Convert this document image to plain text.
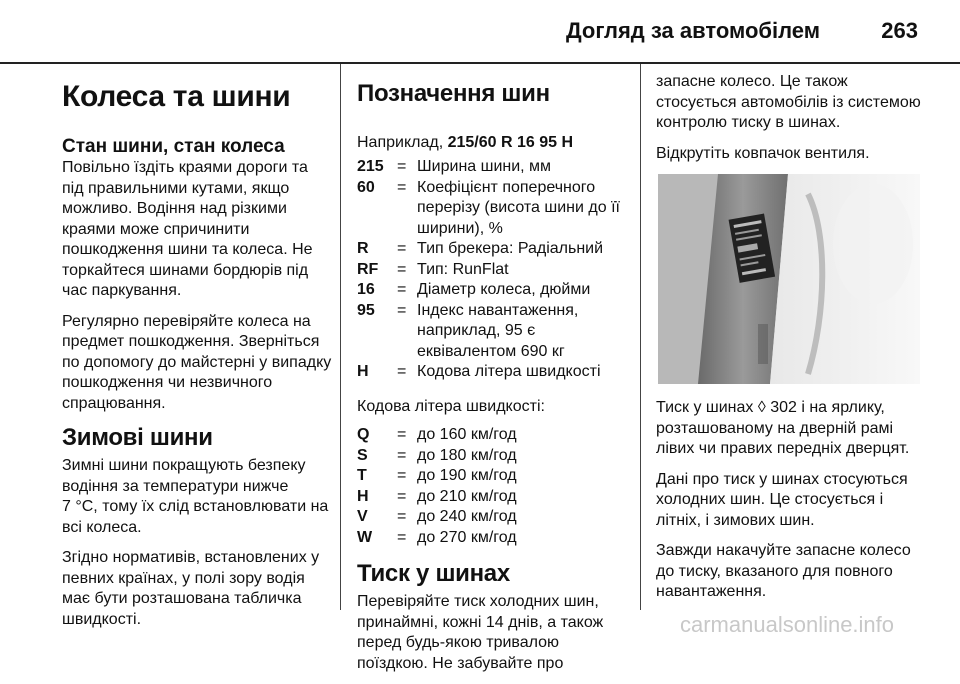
Догляд за автомобілем	263
Колеса та шини
Стан шини, стан колеса

Повільно їздіть краями дороги та
під правильними кутами, якщо
можливо. Водіння над різкими
краями може спричинити
пошкодження шини та колеса. Не
торкайтеся шинами бордюрів під
час паркування.

Регулярно перевіряйте колеса на
предмет пошкодження. Зверніться
по допомогу до майстерні у випадку
пошкодження чи незвичного
спрацювання.

Зимові шини

Зимні шини покращують безпеку
водіння за температури нижче
7 °C, тому їх слід встановлювати на
всі колеса.

Згідно нормативів, встановлених у
певних країнах, у полі зору водія
має бути розташована табличка
швидкості.

Позначення шин

Наприклад, 215/60 R 16 95 H

215	=	Ширина шини, мм
60	=	Коефіцієнт поперечного
перерізу (висота шини до її
ширини), %
R	=	Тип брекера: Радіальний
RF	=	Тип: RunFlat
16	=	Діаметр колеса, дюйми
95	=	Індекс навантаження,
наприклад, 95 є
еквівалентом 690 кг
H	=	Кодова літера швидкості

Кодова літера швидкості:

Q	=	до 160 км/год
S	=	до 180 км/год
T	=	до 190 км/год
H	=	до 210 км/год
V	=	до 240 км/год
W	=	до 270 км/год
Тиск у шинах

Перевіряйте тиск холодних шин,
принаймні, кожні 14 днів, а також
перед будь-якою тривалою
поїздкою. Не забувайте про

запасне колесо. Це також
стосується автомобілів із системою
контролю тиску в шинах.

Відкрутіть ковпачок вентиля.

Тиск у шинах ◊ 302 і на ярлику,
розташованому на дверній рамі
лівих чи правих передніх дверцят.

Дані про тиск у шинах стосуються
холодних шин. Це стосується і
літніх, і зимових шин.

Завжди накачуйте запасне колесо
до тиску, вказаного для повного
навантаження.

carmanualsonline.info
